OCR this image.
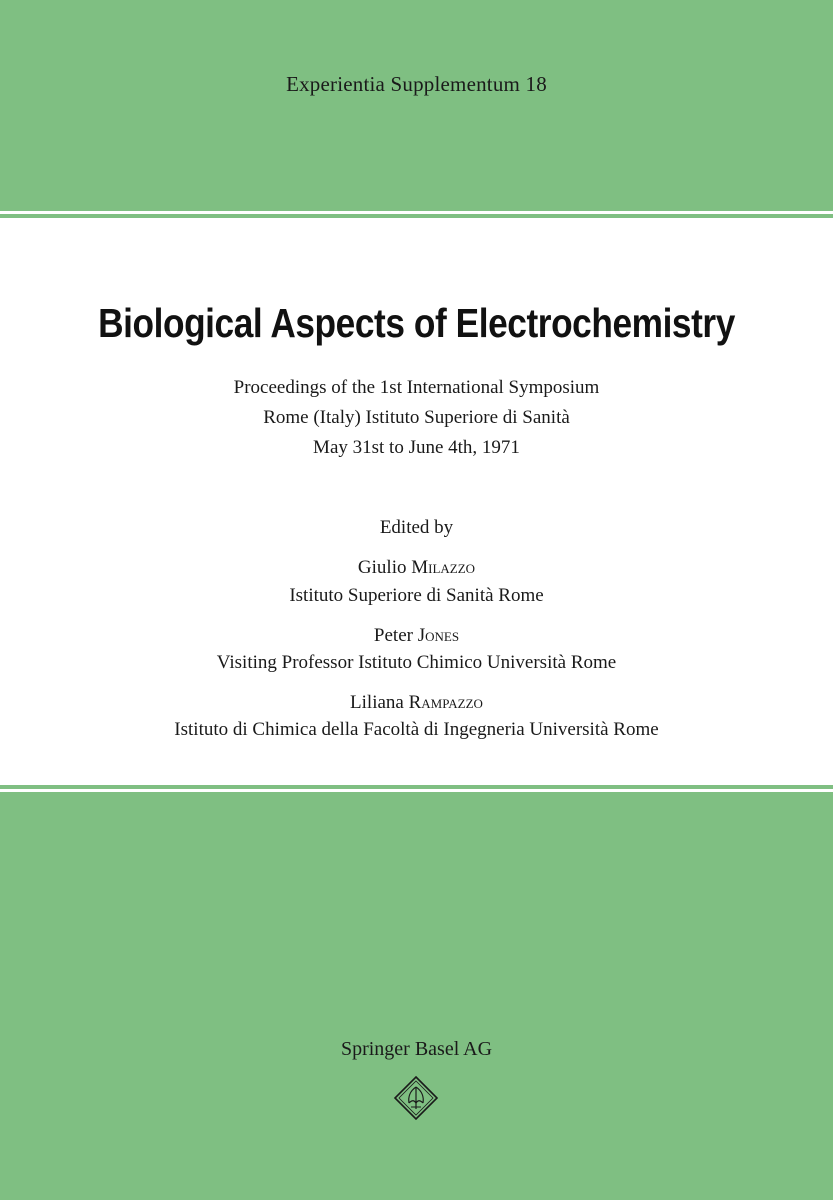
Experientia Supplementum 18
Biological Aspects of Electrochemistry
Proceedings of the 1st International Symposium
Rome (Italy) Istituto Superiore di Sanità
May 31st to June 4th, 1971
Edited by
Giulio Milazzo
Istituto Superiore di Sanità Rome
Peter Jones
Visiting Professor Istituto Chimico Università Rome
Liliana Rampazzo
Istituto di Chimica della Facoltà di Ingegneria Università Rome
Springer Basel AG
